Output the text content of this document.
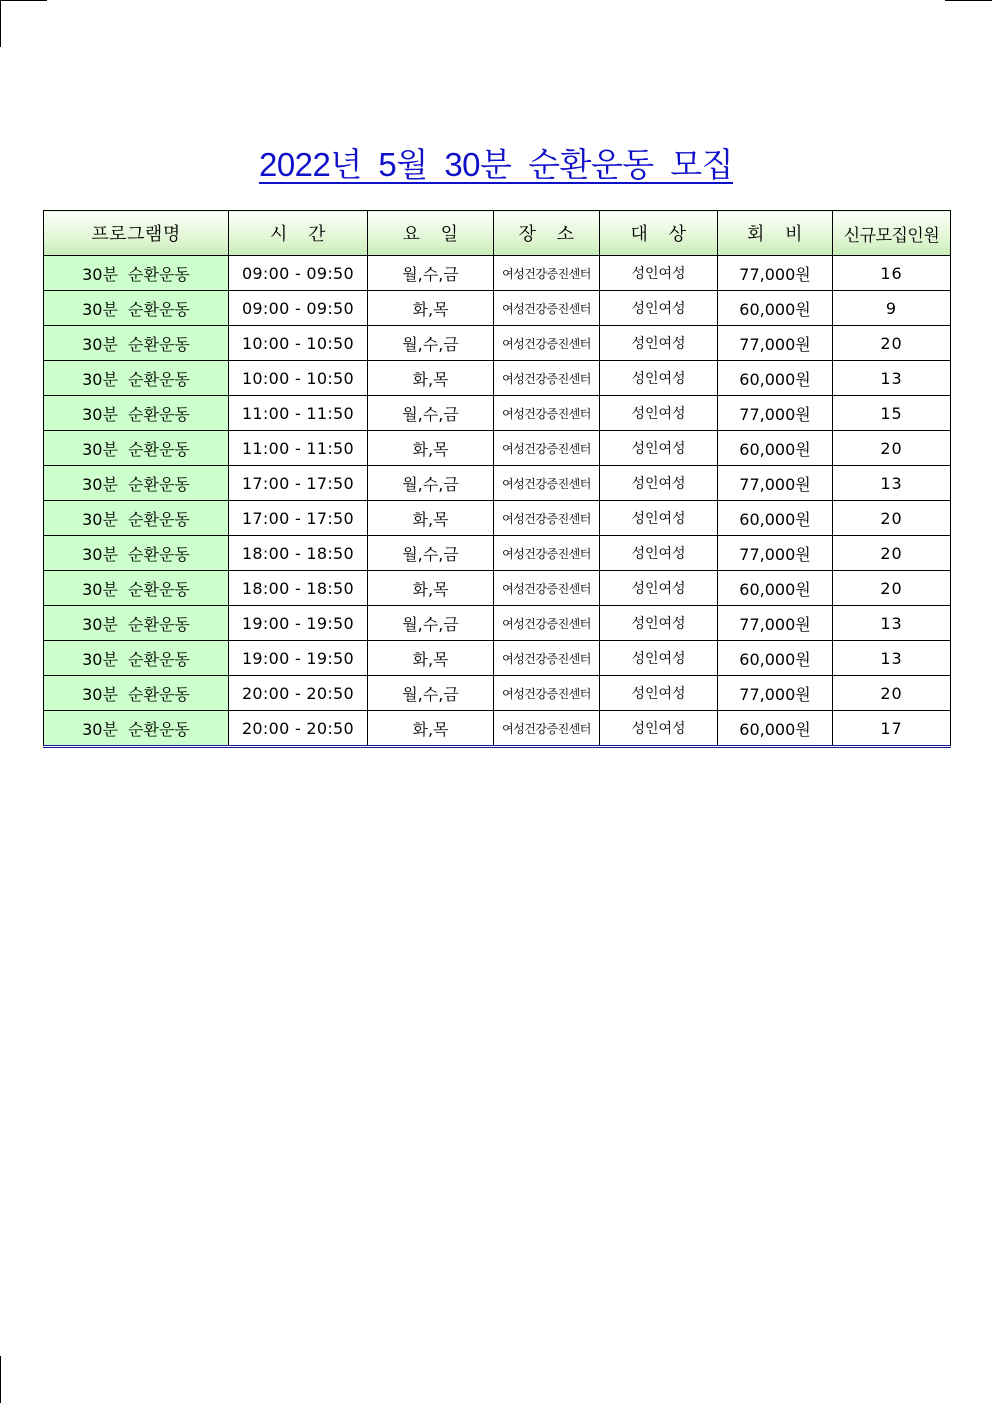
2022년 5월 30분 순환운동 모집
프로그램명	시 간	요 일	장 소	대 상	회 비	신규모집인원
30분 순환운동	09:00 - 09:50	월,수,금	여성건강증진센터	성인여성	77,000원	16
30분 순환운동	09:00 - 09:50	화,목	여성건강증진센터	성인여성	60,000원	9
30분 순환운동	10:00 - 10:50	월,수,금	여성건강증진센터	성인여성	77,000원	20
30분 순환운동	10:00 - 10:50	화,목	여성건강증진센터	성인여성	60,000원	13
30분 순환운동	11:00 - 11:50	월,수,금	여성건강증진센터	성인여성	77,000원	15
30분 순환운동	11:00 - 11:50	화,목	여성건강증진센터	성인여성	60,000원	20
30분 순환운동	17:00 - 17:50	월,수,금	여성건강증진센터	성인여성	77,000원	13
30분 순환운동	17:00 - 17:50	화,목	여성건강증진센터	성인여성	60,000원	20
30분 순환운동	18:00 - 18:50	월,수,금	여성건강증진센터	성인여성	77,000원	20
30분 순환운동	18:00 - 18:50	화,목	여성건강증진센터	성인여성	60,000원	20
30분 순환운동	19:00 - 19:50	월,수,금	여성건강증진센터	성인여성	77,000원	13
30분 순환운동	19:00 - 19:50	화,목	여성건강증진센터	성인여성	60,000원	13
30분 순환운동	20:00 - 20:50	월,수,금	여성건강증진센터	성인여성	77,000원	20
30분 순환운동	20:00 - 20:50	화,목	여성건강증진센터	성인여성	60,000원	17
